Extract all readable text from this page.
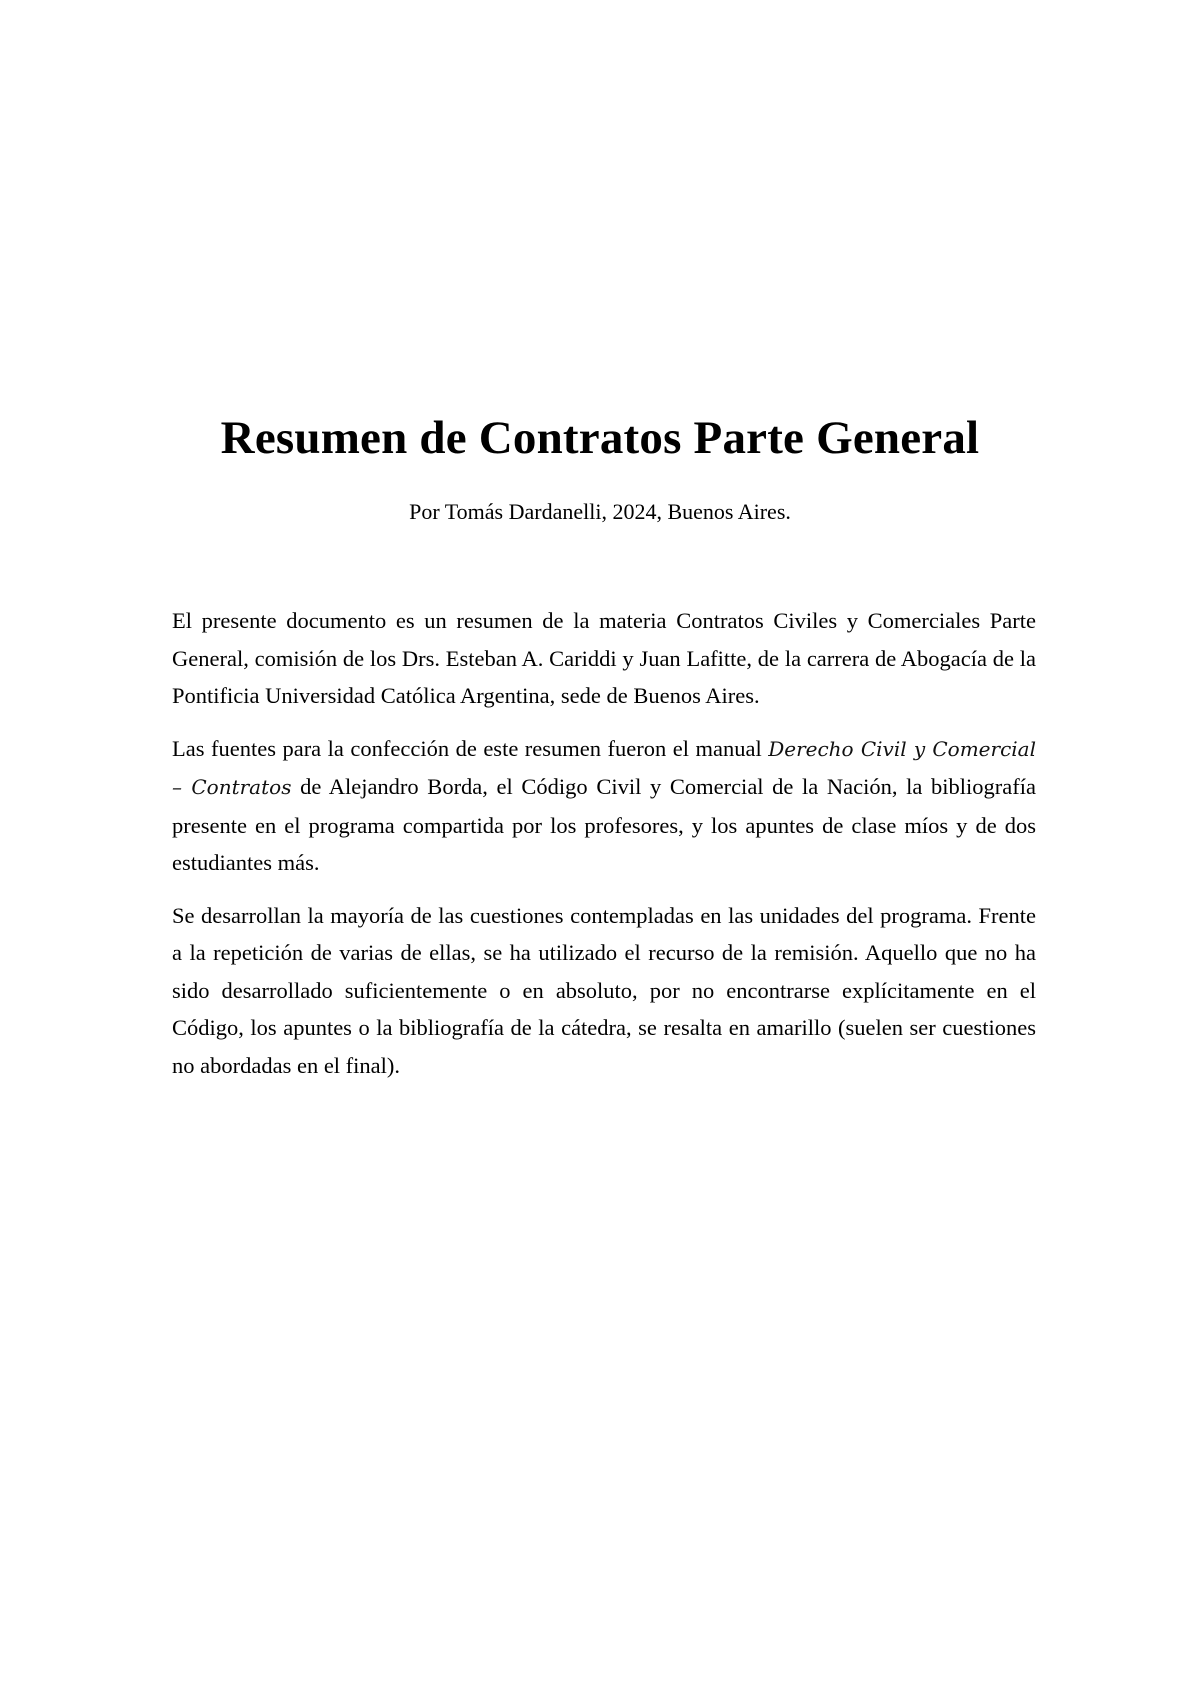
Resumen de Contratos Parte General

Por Tomás Dardanelli, 2024, Buenos Aires.

El presente documento es un resumen de la materia Contratos Civiles y Comerciales Parte General, comisión de los Drs. Esteban A. Cariddi y Juan Lafitte, de la carrera de Abogacía de la Pontificia Universidad Católica Argentina, sede de Buenos Aires.

Las fuentes para la confección de este resumen fueron el manual Derecho Civil y Comercial – Contratos de Alejandro Borda, el Código Civil y Comercial de la Nación, la bibliografía presente en el programa compartida por los profesores, y los apuntes de clase míos y de dos estudiantes más.

Se desarrollan la mayoría de las cuestiones contempladas en las unidades del programa. Frente a la repetición de varias de ellas, se ha utilizado el recurso de la remisión. Aquello que no ha sido desarrollado suficientemente o en absoluto, por no encontrarse explícitamente en el Código, los apuntes o la bibliografía de la cátedra, se resalta en amarillo (suelen ser cuestiones no abordadas en el final).
